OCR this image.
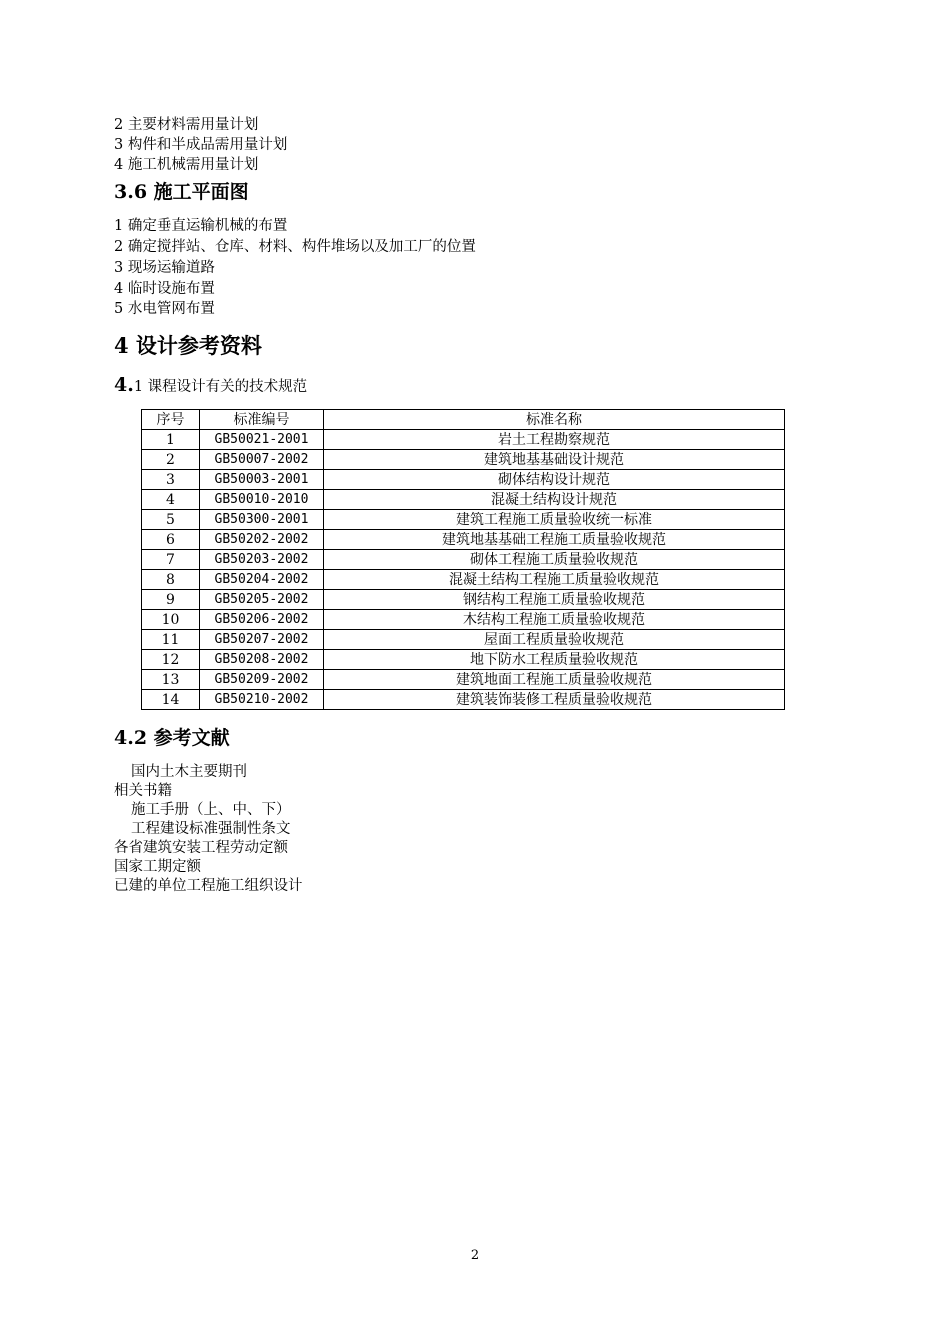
2 主要材料需用量计划
3 构件和半成品需用量计划
4 施工机械需用量计划
3.6 施工平面图
1 确定垂直运输机械的布置
2 确定搅拌站、仓库、材料、构件堆场以及加工厂的位置
3 现场运输道路
4 临时设施布置
5 水电管网布置
4 设计参考资料
4.1 课程设计有关的技术规范
序号	标准编号	标准名称
1	GB50021-2001	岩土工程勘察规范
2	GB50007-2002	建筑地基基础设计规范
3	GB50003-2001	砌体结构设计规范
4	GB50010-2010	混凝土结构设计规范
5	GB50300-2001	建筑工程施工质量验收统一标准
6	GB50202-2002	建筑地基基础工程施工质量验收规范
7	GB50203-2002	砌体工程施工质量验收规范
8	GB50204-2002	混凝土结构工程施工质量验收规范
9	GB50205-2002	钢结构工程施工质量验收规范
10	GB50206-2002	木结构工程施工质量验收规范
11	GB50207-2002	屋面工程质量验收规范
12	GB50208-2002	地下防水工程质量验收规范
13	GB50209-2002	建筑地面工程施工质量验收规范
14	GB50210-2002	建筑装饰装修工程质量验收规范
4.2 参考文献
国内土木主要期刊
相关书籍
施工手册（上、中、下）
工程建设标准强制性条文
各省建筑安装工程劳动定额
国家工期定额
已建的单位工程施工组织设计
2
